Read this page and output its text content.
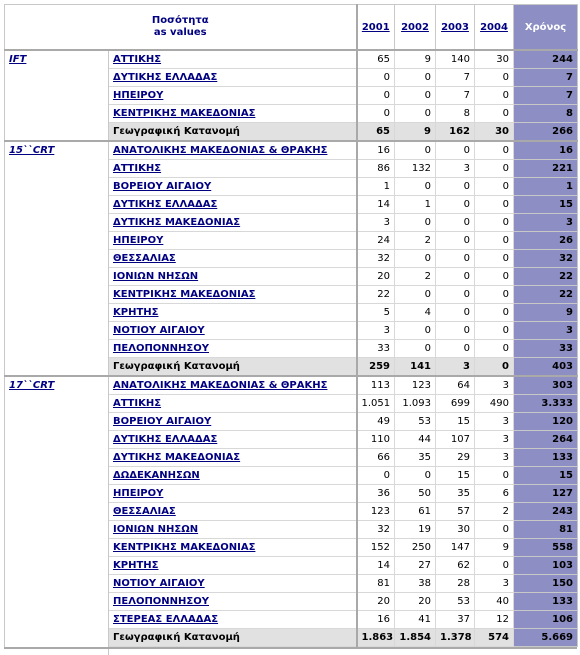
Ποσότητα
as values		2001	2002	2003	2004	Χρόνος
IFT	ΑΤΤΙΚΗΣ	65	9	140	30	244
	ΔΥΤΙΚΗΣ ΕΛΛΑΔΑΣ	0	0	7	0	7
	ΗΠΕΙΡΟΥ	0	0	7	0	7
	ΚΕΝΤΡΙΚΗΣ ΜΑΚΕΔΟΝΙΑΣ	0	0	8	0	8
	Γεωγραφική Κατανομή	65	9	162	30	266
15``CRT	ΑΝΑΤΟΛΙΚΗΣ ΜΑΚΕΔΟΝΙΑΣ & ΘΡΑΚΗΣ	16	0	0	0	16
	ΑΤΤΙΚΗΣ	86	132	3	0	221
	ΒΟΡΕΙΟΥ ΑΙΓΑΙΟΥ	1	0	0	0	1
	ΔΥΤΙΚΗΣ ΕΛΛΑΔΑΣ	14	1	0	0	15
	ΔΥΤΙΚΗΣ ΜΑΚΕΔΟΝΙΑΣ	3	0	0	0	3
	ΗΠΕΙΡΟΥ	24	2	0	0	26
	ΘΕΣΣΑΛΙΑΣ	32	0	0	0	32
	ΙΟΝΙΩΝ ΝΗΣΩΝ	20	2	0	0	22
	ΚΕΝΤΡΙΚΗΣ ΜΑΚΕΔΟΝΙΑΣ	22	0	0	0	22
	ΚΡΗΤΗΣ	5	4	0	0	9
	ΝΟΤΙΟΥ ΑΙΓΑΙΟΥ	3	0	0	0	3
	ΠΕΛΟΠΟΝΝΗΣΟΥ	33	0	0	0	33
	Γεωγραφική Κατανομή	259	141	3	0	403
17``CRT	ΑΝΑΤΟΛΙΚΗΣ ΜΑΚΕΔΟΝΙΑΣ & ΘΡΑΚΗΣ	113	123	64	3	303
	ΑΤΤΙΚΗΣ	1.051	1.093	699	490	3.333
	ΒΟΡΕΙΟΥ ΑΙΓΑΙΟΥ	49	53	15	3	120
	ΔΥΤΙΚΗΣ ΕΛΛΑΔΑΣ	110	44	107	3	264
	ΔΥΤΙΚΗΣ ΜΑΚΕΔΟΝΙΑΣ	66	35	29	3	133
	ΔΩΔΕΚΑΝΗΣΩΝ	0	0	15	0	15
	ΗΠΕΙΡΟΥ	36	50	35	6	127
	ΘΕΣΣΑΛΙΑΣ	123	61	57	2	243
	ΙΟΝΙΩΝ ΝΗΣΩΝ	32	19	30	0	81
	ΚΕΝΤΡΙΚΗΣ ΜΑΚΕΔΟΝΙΑΣ	152	250	147	9	558
	ΚΡΗΤΗΣ	14	27	62	0	103
	ΝΟΤΙΟΥ ΑΙΓΑΙΟΥ	81	38	28	3	150
	ΠΕΛΟΠΟΝΝΗΣΟΥ	20	20	53	40	133
	ΣΤΕΡΕΑΣ ΕΛΛΑΔΑΣ	16	41	37	12	106
	Γεωγραφική Κατανομή	1.863	1.854	1.378	574	5.669
